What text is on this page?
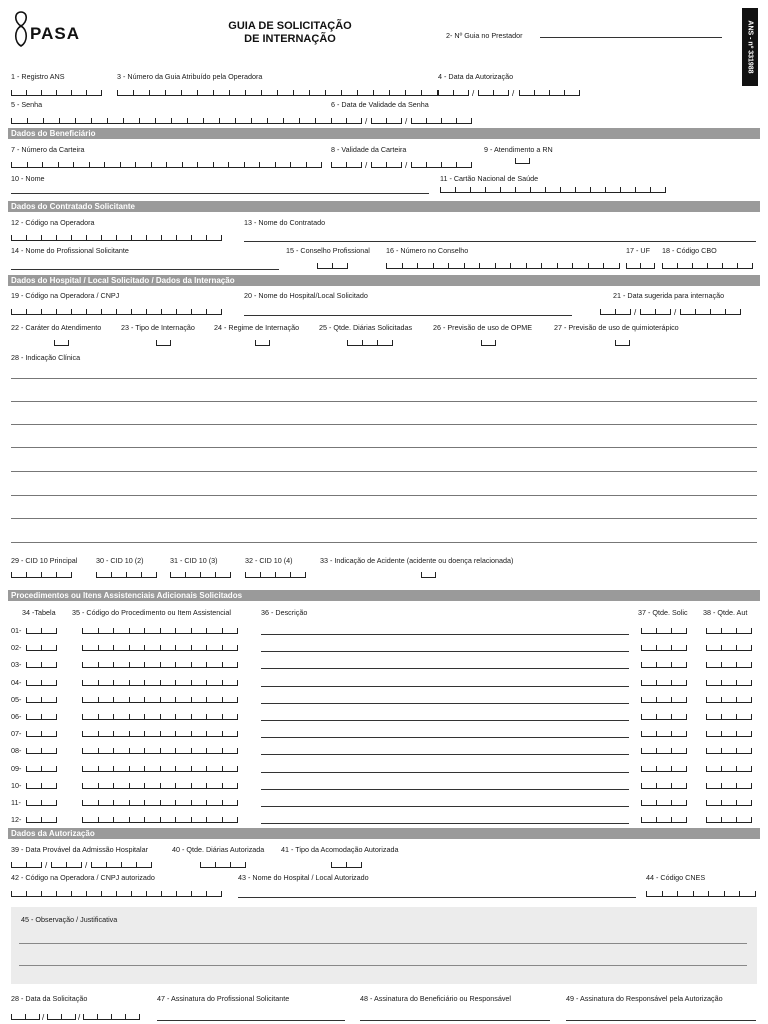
PASA	GUIA DE SOLICITAÇÃO
DE INTERNAÇÃO	2- Nº Guia no Prestador	ANS - nº 331988
1 - Registro ANS	3 - Número da Guia Atribuído pela Operadora	4 - Data da Autorização
/	/
5 - Senha	6 - Data de Validade da Senha
/	/
Dados do Beneficiário
7 - Número da Carteira	8 - Validade da Carteira	9 - Atendimento a RN
/	/
10 - Nome	11 - Cartão Nacional de Saúde
Dados do Contratado Solicitante
12 - Código na Operadora	13 - Nome do Contratado
14 - Nome do Profissional Solicitante	15 - Conselho Profissional 16 - Número no Conselho	17 - UF 18 - Código CBO
Dados do Hospital / Local Solicitado / Dados da Internação
19 - Código na Operadora / CNPJ	20 - Nome do Hospital/Local Solicitado	21 - Data sugerida para internação
/	/
22 - Caráter do Atendimento	23 - Tipo de Internação	24 - Regime de Internação	25 - Qtde. Diárias Solicitadas	26 - Previsão de uso de OPME	27 - Previsão de uso de quimioterápico
28 - Indicação Clínica
29 - CID 10 Principal	30 - CID 10 (2)	31 - CID 10 (3)	32 - CID 10 (4)	33 - Indicação de Acidente (acidente ou doença relacionada)
Procedimentos ou Itens Assistenciais Adicionais Solicitados
34 -Tabela 35 - Código do Procedimento ou Item Assistencial	36 - Descrição	37 - Qtde. Solic 38 - Qtde. Aut
01-
02-
03-
04-
05-
06-
07-
08-
09-
10-
11-
12-
Dados da Autorização
39 - Data Provável da Admissão Hospitalar	40 - Qtde. Diárias Autorizada 41 - Tipo da Acomodação Autorizada
/	/
42 - Código na Operadora / CNPJ autorizado	43 - Nome do Hospital / Local Autorizado	44 - Código CNES
45 - Observação / Justificativa
28 - Data da Solicitação	47 - Assinatura do Profissional Solicitante	48 - Assinatura do Beneficiário ou Responsável	49 - Assinatura do Responsável pela Autorização
/	/
